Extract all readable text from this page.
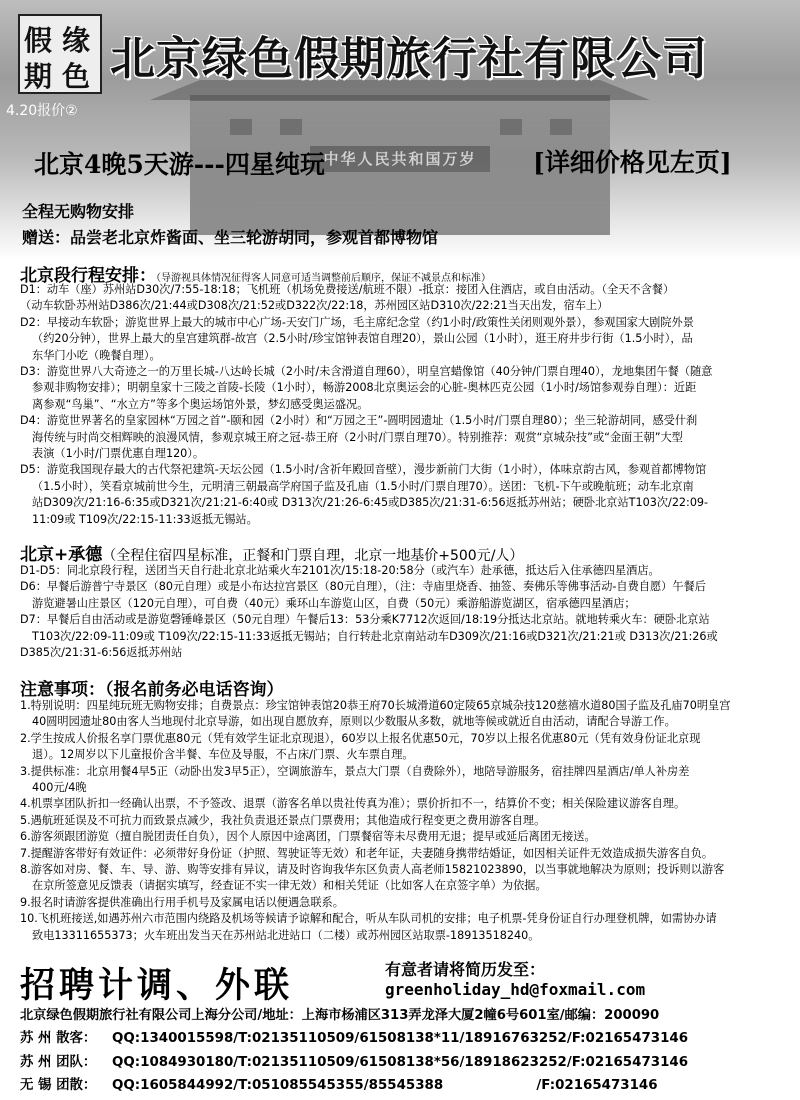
中华人民共和国万岁
假 缘
期 色 北京绿色假期旅行社有限公司
4.20报价②
北京4晚5天游---四星纯玩	[详细价格见左页]
全程无购物安排
赠送：品尝老北京炸酱面、坐三轮游胡同，参观首都博物馆
北京段行程安排：（导游视具体情况征得客人同意可适当调整前后顺序，保证不减景点和标准）
D1：动车（座）苏州站D30次/7:55-18:18；飞机班（机场免费接送/航班不限）-抵京：接团入住酒店，或自由活动。（全天不含餐）
（动车软卧苏州站D386次/21:44或D308次/21:52或D322次/22:18，苏州园区站D310次/22:21当天出发，宿车上）
D2：早接动车软卧；游览世界上最大的城市中心广场-天安门广场，毛主席纪念堂（约1小时/政策性关闭则观外景），参观国家大剧院外景
（约20分钟），世界上最大的皇宫建筑群-故宫（2.5小时/珍宝馆钟表馆自理20），景山公园（1小时），逛王府井步行街（1.5小时），品
东华门小吃（晚餐自理）。
D3：游览世界八大奇迹之一的万里长城-八达岭长城（2小时/未含滑道自理60），明皇宫蜡像馆（40分钟/门票自理40），龙地集团午餐（随意
参观非购物安排）；明朝皇家十三陵之首陵-长陵（1小时），畅游2008北京奥运会的心脏-奥林匹克公园（1小时/场馆参观券自理）：近距
离参观“鸟巢”、“水立方”等多个奥运场馆外景，梦幻感受奥运盛况。
D4：游览世界著名的皇家园林“万园之首”-颐和园（2小时）和“万园之王”-圆明园遗址（1.5小时/门票自理80）；坐三轮游胡同，感受什刹
海传统与时尚交相辉映的浪漫风情，参观京城王府之冠-恭王府（2小时/门票自理70）。特别推荐：观赏“京城杂技”或“金面王朝”大型
表演（1小时/门票优惠自理120）。
D5：游览我国现存最大的古代祭祀建筑-天坛公园（1.5小时/含祈年殿回音壁），漫步新前门大街（1小时），体味京韵古风，参观首都博物馆
（1.5小时），笑看京城前世今生，元明清三朝最高学府国子监及孔庙（1.5小时/门票自理70）。送团：飞机-下午或晚航班；动车北京南
站D309次/21:16-6:35或D321次/21:21-6:40或 D313次/21:26-6:45或D385次/21:31-6:56返抵苏州站；硬卧北京站T103次/22:09-
11:09或 T109次/22:15-11:33返抵无锡站。
北京+承德（全程住宿四星标准，正餐和门票自理，北京一地基价+500元/人）
D1-D5：同北京段行程，送团当天自行赴北京北站乘火车2101次/15:18-20:58分（或汽车）赴承德，抵达后入住承德四星酒店。
D6：早餐后游普宁寺景区（80元自理）或是小布达拉宫景区（80元自理），（注：寺庙里烧香、抽签、奏佛乐等佛事活动-自费自愿）午餐后
游览避暑山庄景区（120元自理），可自费（40元）乘环山车游览山区，自费（50元）乘游船游览湖区，宿承德四星酒店；
D7：早餐后自由活动或是游览磬锤峰景区（50元自理）午餐后13：53分乘K7712次返回/18:19分抵达北京站。就地转乘火车：硬卧北京站
T103次/22:09-11:09或 T109次/22:15-11:33返抵无锡站；自行转赴北京南站动车D309次/21:16或D321次/21:21或 D313次/21:26或
D385次/21:31-6:56返抵苏州站
注意事项：（报名前务必电话咨询）
1.特别说明：四星纯玩班无购物安排；自费景点：珍宝馆钟表馆20恭王府70长城滑道60定陵65京城杂技120慈禧水道80国子监及孔庙70明皇宫
40圆明园遗址80由客人当地现付北京导游，如出现自愿放弃，原则以少数服从多数，就地等候或就近自由活动，请配合导游工作。
2.学生按成人价报名享门票优惠80元（凭有效学生证北京现退），60岁以上报名优惠50元，70岁以上报名优惠80元（凭有效身份证北京现
退）。12周岁以下儿童报价含半餐、车位及导服，不占床/门票、火车票自理。
3.提供标准：北京用餐4早5正（动卧出发3早5正），空调旅游车，景点大门票（自费除外），地陪导游服务，宿挂牌四星酒店/单人补房差
400元/4晚
4.机票享团队折扣一经确认出票，不予签改、退票（游客名单以贵社传真为准）；票价折扣不一，结算价不变；相关保险建议游客自理。
5.遇航班延误及不可抗力而致景点减少，我社负责退还景点门票费用；其他造成行程变更之费用游客自理。
6.游客须跟团游览（擅自脱团责任自负），因个人原因中途离团，门票餐宿等未尽费用无退；提早或延后离团无接送。
7.提醒游客带好有效证件：必须带好身份证（护照、驾驶证等无效）和老年证，夫妻随身携带结婚证，如因相关证件无效造成损失游客自负。
8.游客如对房、餐、车、导、游、购等安排有异议，请及时咨询我华东区负责人高老师15821023890，以当事就地解决为原则；投诉则以游客
在京所签意见反馈表（请据实填写，经查证不实一律无效）和相关凭证（比如客人在京签字单）为依据。
9.报名时请游客提供准确出行用手机号及家属电话以便遇急联系。
10.飞机班接送,如遇苏州六市范围内绕路及机场等候请予谅解和配合，听从车队司机的安排；电子机票-凭身份证自行办理登机牌，如需协办请
致电13311655373；火车班出发当天在苏州站北进站口（二楼）或苏州园区站取票-18913518240。
招聘计调、外联	有意者请将简历发至：
greenholiday_hd@foxmail.com
北京绿色假期旅行社有限公司上海分公司/地址：上海市杨浦区313弄龙泽大厦2幢6号601室/邮编：200090
苏 州 散客： QQ:1340015598/T:02135110509/61508138*11/18916763252/F:02165473146
苏 州 团队： QQ:1084930180/T:02135110509/61508138*56/18918623252/F:02165473146
无 锡 团散： QQ:1605844992/T:051085545355/85545388                    /F:02165473146
